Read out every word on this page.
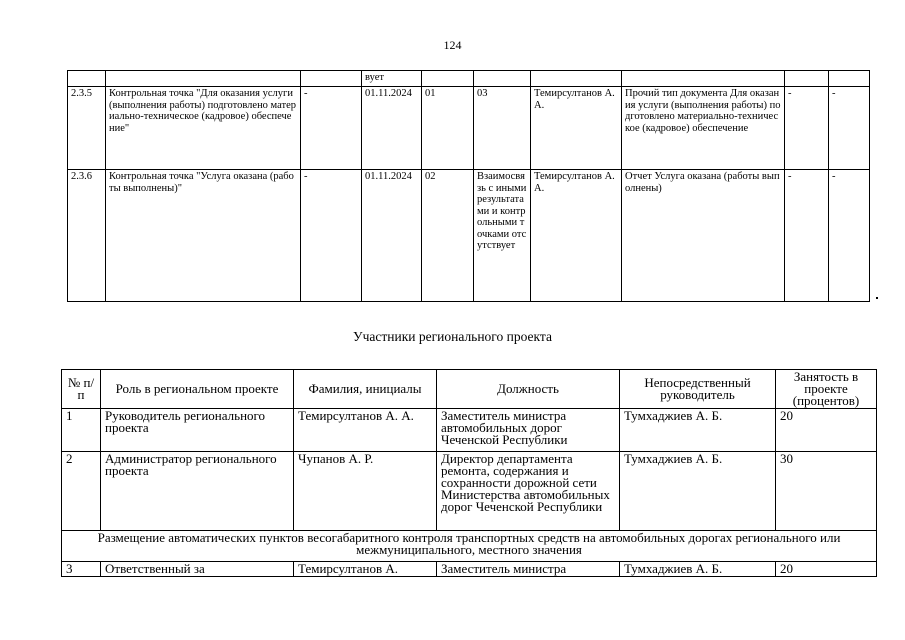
124
			вует						
2.3.5	Контрольная точка "Для оказания услуги (выполнения работы) подготовлено материально-техническое (кадровое) обеспечение"	-	01.11.2024	01	03	Темирсултанов А.А.	Прочий тип документа Для оказания услуги (выполнения работы) подготовлено материально-техническое (кадровое) обеспечение	-	-
2.3.6	Контрольная точка "Услуга оказана (работы выполнены)"	-	01.11.2024	02	Взаимосвязь с иными результатами и контрольными точками отсутствует	Темирсултанов А.А.	Отчет Услуга оказана (работы выполнены)	-	-
Участники регионального проекта
№ п/п	Роль в региональном проекте	Фамилия, инициалы	Должность	Непосредственный руководитель	Занятость в проекте (процентов)
1	Руководитель регионального проекта	Темирсултанов А. А.	Заместитель министра автомобильных дорог Чеченской Республики	Тумхаджиев А. Б.	20
2	Администратор регионального проекта	Чупанов А. Р.	Директор департамента ремонта, содержания и сохранности дорожной сети Министерства автомобильных дорог Чеченской Республики	Тумхаджиев А. Б.	30
Размещение автоматических пунктов весогабаритного контроля транспортных средств на автомобильных дорогах регионального или межмуниципального, местного значения					
3	Ответственный за	Темирсултанов А.	Заместитель министра	Тумхаджиев А. Б.	20
